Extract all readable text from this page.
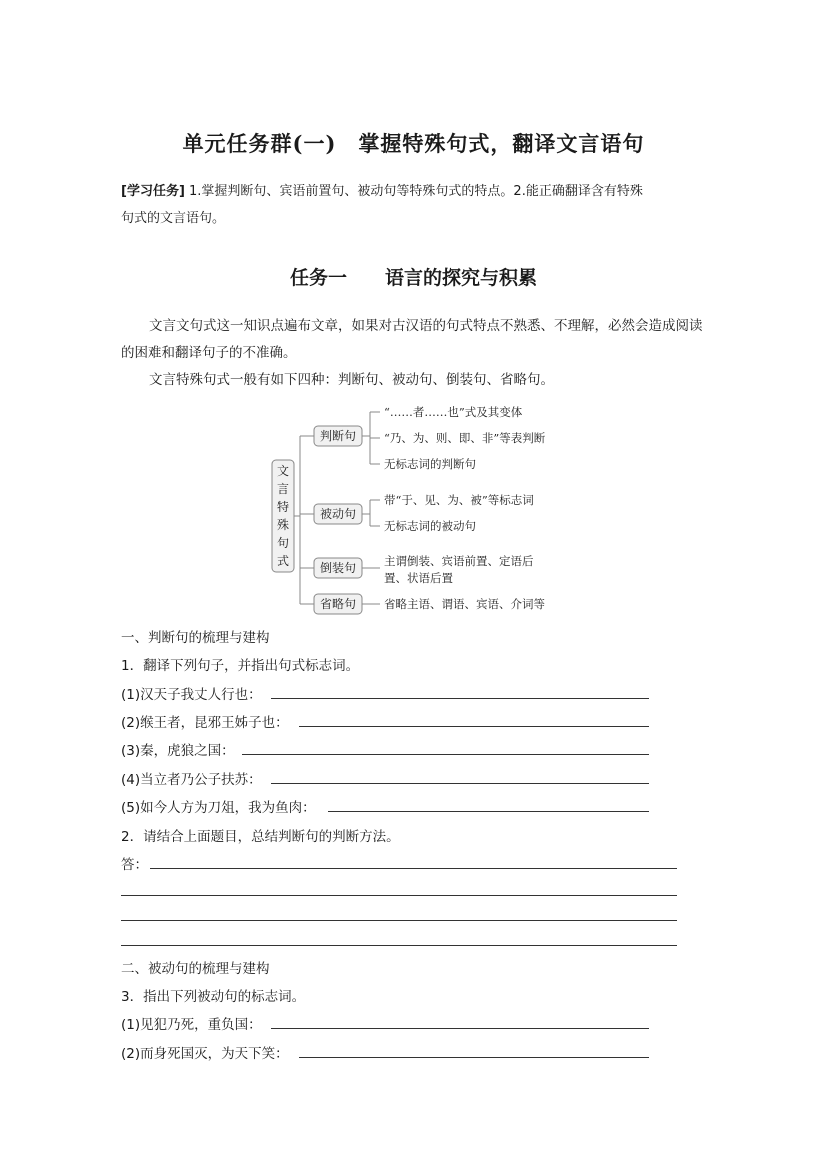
单元任务群(一)　掌握特殊句式，翻译文言语句
[学习任务] 1.掌握判断句、宾语前置句、被动句等特殊句式的特点。2.能正确翻译含有特殊
句式的文言语句。
任务一　　语言的探究与积累
文言文句式这一知识点遍布文章，如果对古汉语的句式特点不熟悉、不理解，必然会造成阅读的困难和翻译句子的不准确。
文言特殊句式一般有如下四种：判断句、被动句、倒装句、省略句。
文言特殊句式
判断句
“……者……也”式及其变体
“乃、为、则、即、非”等表判断
无标志词的判断句
被动句
带“于、见、为、被”等标志词
无标志词的被动句
倒装句 主谓倒装、宾语前置、定语后
置、状语后置
省略句 省略主语、谓语、宾语、介词等
一、判断句的梳理与建构
1．翻译下列句子，并指出句式标志词。
(1)汉天子我丈人行也：
(2)缑王者，昆邪王姊子也：
(3)秦，虎狼之国：
(4)当立者乃公子扶苏：
(5)如今人方为刀俎，我为鱼肉：
2．请结合上面题目，总结判断句的判断方法。
答：
二、被动句的梳理与建构
3．指出下列被动句的标志词。
(1)见犯乃死，重负国：
(2)而身死国灭，为天下笑：
